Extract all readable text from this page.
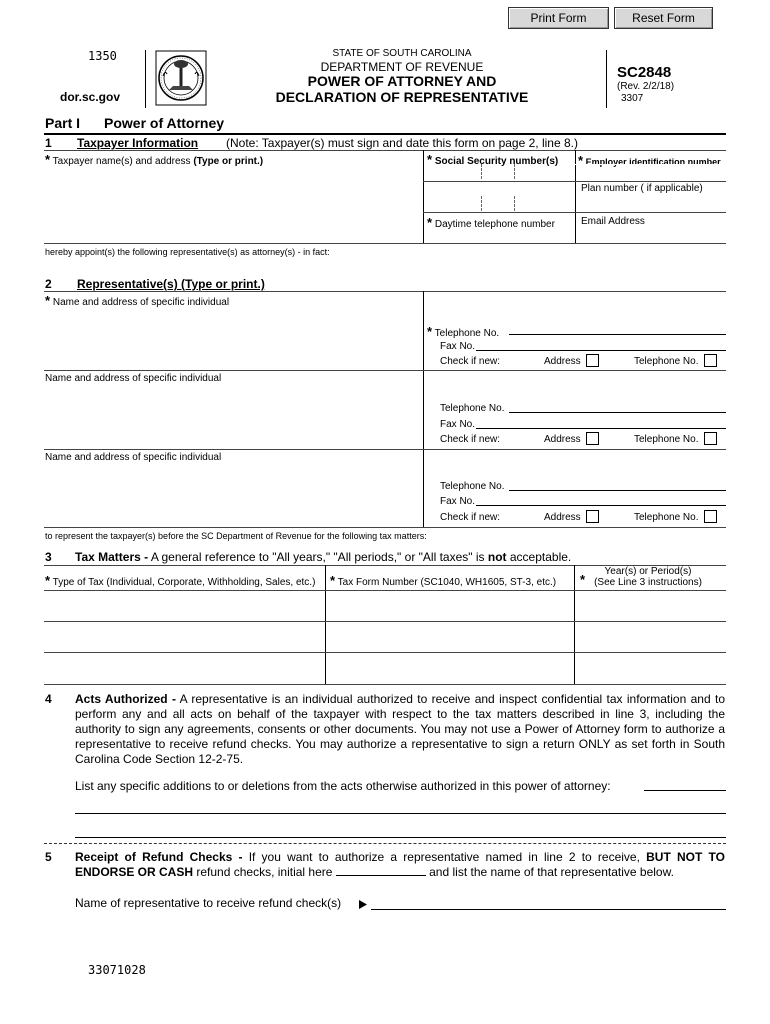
Print Form	Reset Form
1350
dor.sc.gov
STATE OF SOUTH CAROLINA
DEPARTMENT OF REVENUE
POWER OF ATTORNEY AND
DECLARATION OF REPRESENTATIVE
SC2848
(Rev. 2/2/18)
3307
Part I Power of Attorney
1 Taxpayer Information (Note: Taxpayer(s) must sign and date this form on page 2, line 8.)
* Taxpayer name(s) and address (Type or print.)	* Social Security number(s) * Employer identification number
Plan number ( if applicable)
* Daytime telephone number	Email Address
hereby appoint(s) the following representative(s) as attorney(s) - in fact:
2 Representative(s) (Type or print.)
* Name and address of specific individual
* Telephone No.
Fax No.
Check if new:	Address	Telephone No.
Name and address of specific individual
Telephone No.
Fax No.
Check if new:	Address	Telephone No.
Name and address of specific individual
Telephone No.
Fax No.
Check if new:	Address	Telephone No.
to represent the taxpayer(s) before the SC Department of Revenue for the following tax matters:
3 Tax Matters - A general reference to "All years," "All periods," or "All taxes" is not acceptable.
* Type of Tax (Individual, Corporate, Withholding, Sales, etc.) * Tax Form Number (SC1040, WH1605, ST-3, etc.) *
Year(s) or Period(s)
(See Line 3 instructions)
4 Acts Authorized - A representative is an individual authorized to receive and inspect confidential tax information and to perform any and all acts on behalf of the taxpayer with respect to the tax matters described in line 3, including the authority to sign any agreements, consents or other documents. You may not use a Power of Attorney form to authorize a representative to receive refund checks. You may authorize a representative to sign a return ONLY as set forth in South Carolina Code Section 12-2-75.
List any specific additions to or deletions from the acts otherwise authorized in this power of attorney:
5 Receipt of Refund Checks - If you want to authorize a representative named in line 2 to receive, BUT NOT TO ENDORSE OR CASH refund checks, initial here	and list the name of that representative below.
Name of representative to receive refund check(s)
33071028
